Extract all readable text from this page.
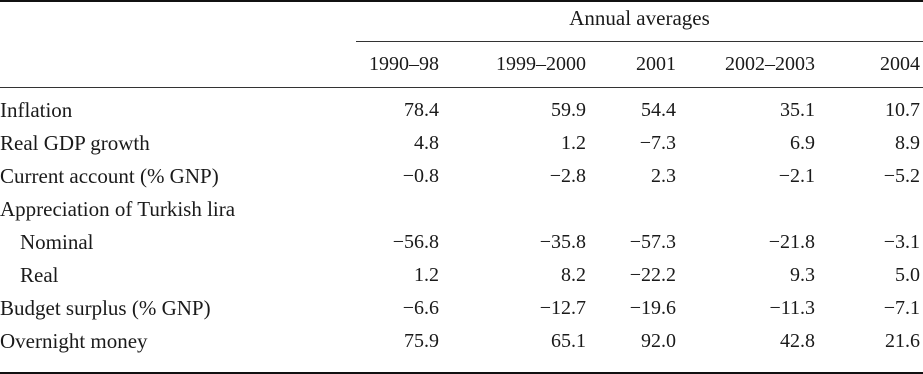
Annual averages
1990–98	1999–2000	2001	2002–2003	2004
Inflation	78.4	59.9	54.4	35.1	10.7
Real GDP growth	4.8	1.2	−7.3	6.9	8.9
Current account (% GNP)	−0.8	−2.8	2.3	−2.1	−5.2
Appreciation of Turkish lira
Nominal	−56.8	−35.8	−57.3	−21.8	−3.1
Real	1.2	8.2	−22.2	9.3	5.0
Budget surplus (% GNP)	−6.6	−12.7	−19.6	−11.3	−7.1
Overnight money	75.9	65.1	92.0	42.8	21.6
